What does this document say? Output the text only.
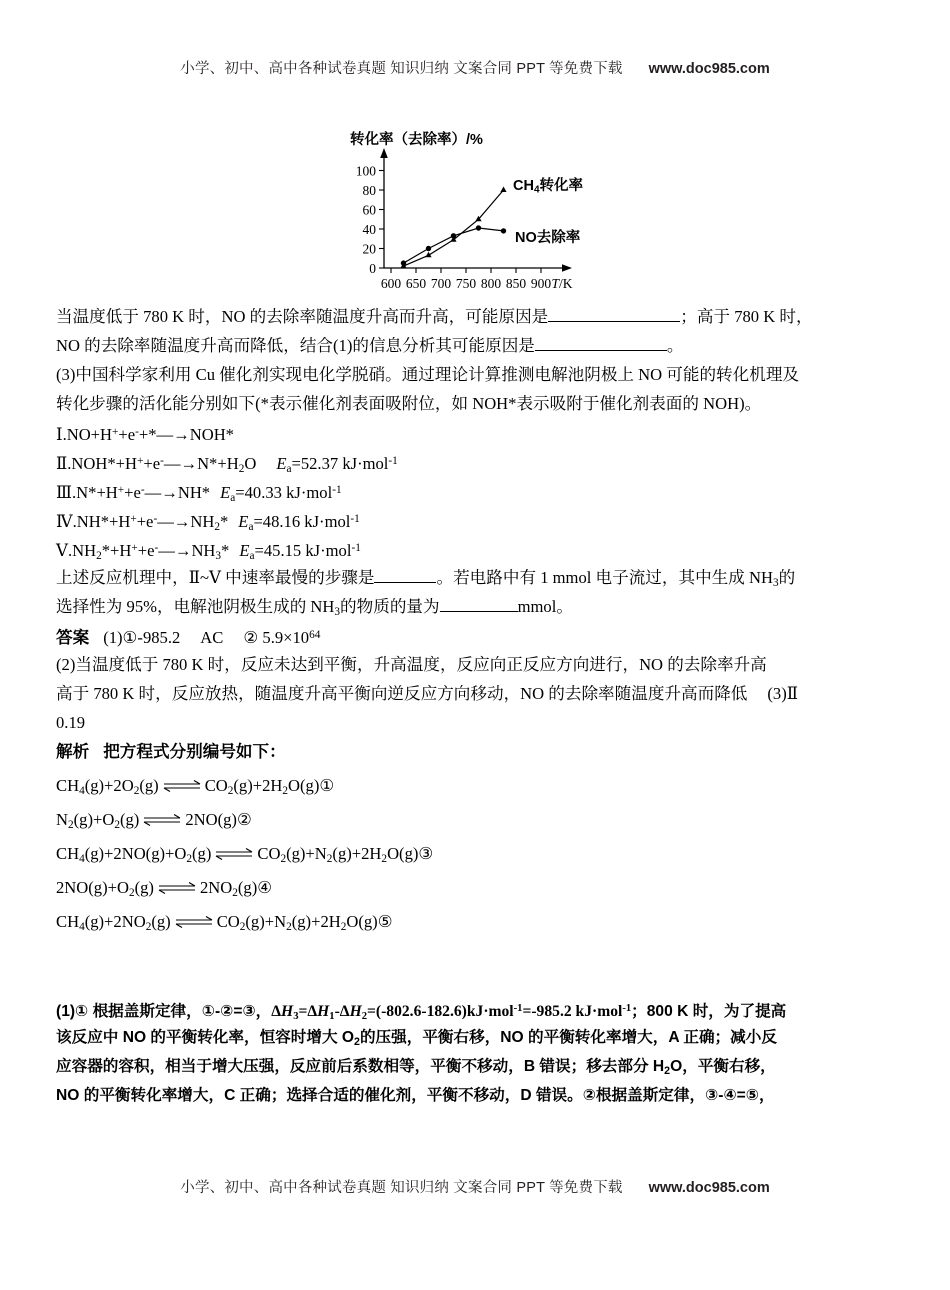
小学、初中、高中各种试卷真题 知识归纳 文案合同 PPT 等免费下载 www.doc985.com
转化率（去除率）/%
0
20
40
60
80
100
600 650 700 750 800 850 900 T/K
$CH_4$转化率
NO去除率
当温度低于 780 K 时，NO 的去除率随温度升高而升高，可能原因是	；高于 780 K 时，
NO 的去除率随温度升高而降低，结合(1)的信息分析其可能原因是	。
(3)中国科学家利用 Cu 催化剂实现电化学脱硝。通过理论计算推测电解池阴极上 NO 可能的转化机理及
转化步骤的活化能分别如下(*表示催化剂表面吸附位，如 NOH*表示吸附于催化剂表面的 NOH)。
Ⅰ.NO+H++e-+*—→NOH*
$Ⅱ.NOH*+H^++e^-—\to N*+H_2O$ $E_a=52.37$ kJ·mol$^{-1}$
Ⅲ.N*+H++e-—→NH* $E_a=40.33$ kJ·mol$^{-1}$
$Ⅳ.NH*+H^++e^-—\to NH_2*$ $E_a=48.16$ kJ·mol$^{-1}$
$Ⅴ.NH_2*+H^++e^-—\to NH_3*$ $E_a=45.15$ kJ·mol$^{-1}$
上述反应机理中，Ⅱ~Ⅴ 中速率最慢的步骤是	。若电路中有 1 mmol 电子流过，其中生成 $NH_3$的
选择性为 95%，电解池阴极生成的 $NH_3$的物质的量为	mmol。
答案 (1)①-985.2 AC ② $5.9\times 10^{64}$
(2)当温度低于 780 K 时，反应未达到平衡，升高温度，反应向正反应方向进行，NO 的去除率升高
高于 780 K 时，反应放热，随温度升高平衡向逆反应方向移动，NO 的去除率随温度升高而降低 (3)Ⅱ
0.19
解析 把方程式分别编号如下：
$CH_4(g)+2O_2(g)\rightleftharpoons CO_2(g)+2H_2O(g)①$
$N_2(g)+O_2(g)\rightleftharpoons 2NO(g)②$
$CH_4(g)+2NO(g)+O_2(g)\rightleftharpoons CO_2(g)+N_2(g)+2H_2O(g)③$
$2NO(g)+O_2(g)\rightleftharpoons 2NO_2(g)④$
$CH_4(g)+2NO_2(g)\rightleftharpoons CO_2(g)+N_2(g)+2H_2O(g)⑤$
(1)① 根据盖斯定律，①-②=③，$\Delta H_3=\Delta H_1-\Delta H_2=(-802.6-182.6)kJ\cdot mol^{-1}=-985.2$ kJ·mol$^{-1}$；800 K 时，为了提高
该反应中 NO 的平衡转化率，恒容时增大 $O_2$的压强，平衡右移，NO 的平衡转化率增大，A 正确；减小反
应容器的容积，相当于增大压强，反应前后系数相等，平衡不移动，B 错误；移去部分 $H_2O$，平衡右移，
NO 的平衡转化率增大，C 正确；选择合适的催化剂，平衡不移动，D 错误。②根据盖斯定律，③-④=⑤，
小学、初中、高中各种试卷真题 知识归纳 文案合同 PPT 等免费下载 www.doc985.com
